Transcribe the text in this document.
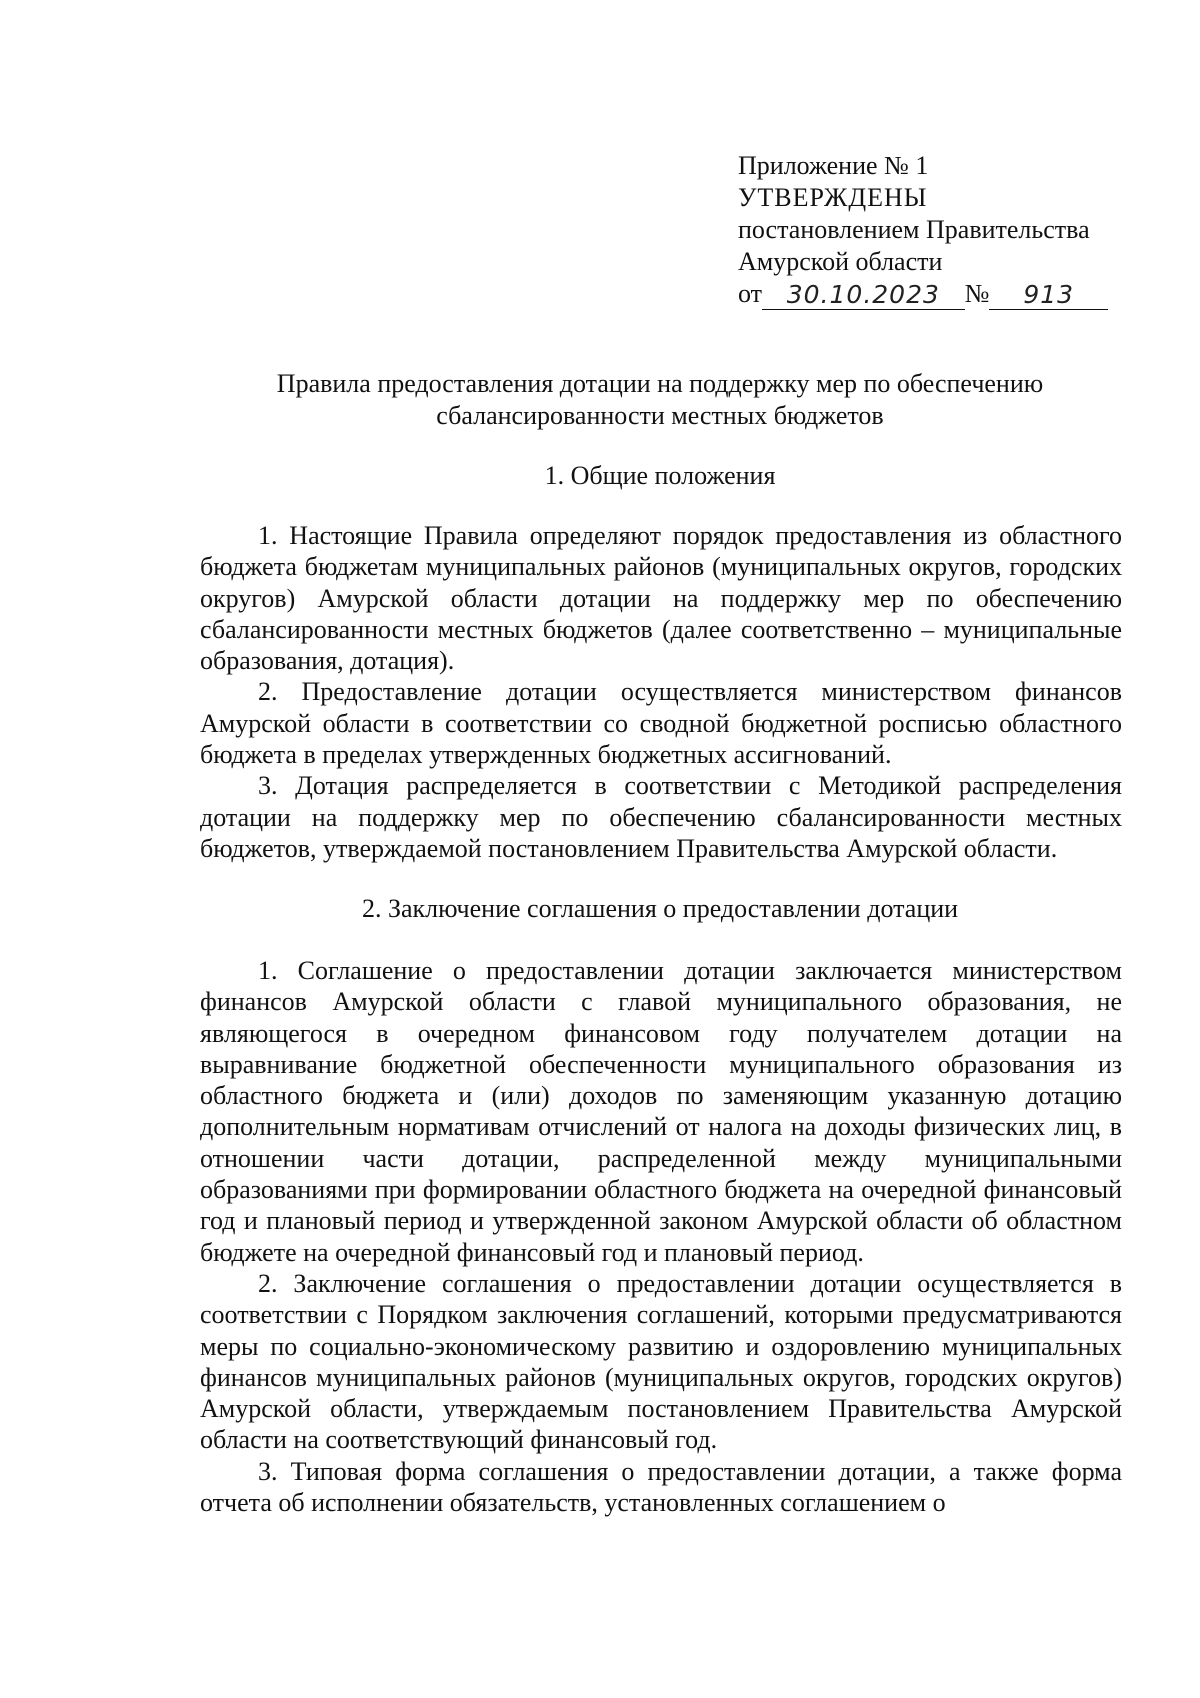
Приложение № 1
УТВЕРЖДЕНЫ
постановлением Правительства
Амурской области
от 30.10.2023 №	913
Правила предоставления дотации на поддержку мер по обеспечению
сбалансированности местных бюджетов
1. Общие положения

1. Настоящие Правила определяют порядок предоставления из областного бюджета бюджетам муниципальных районов (муниципальных округов, городских округов) Амурской области дотации на поддержку мер по обеспечению сбалансированности местных бюджетов (далее соответственно – муниципальные образования, дотация).

2. Предоставление дотации осуществляется министерством финансов Амурской области в соответствии со сводной бюджетной росписью областного бюджета в пределах утвержденных бюджетных ассигнований.

3. Дотация распределяется в соответствии с Методикой распределения дотации на поддержку мер по обеспечению сбалансированности местных бюджетов, утверждаемой постановлением Правительства Амурской области.

2. Заключение соглашения о предоставлении дотации

1. Соглашение о предоставлении дотации заключается министерством финансов Амурской области с главой муниципального образования, не являющегося в очередном финансовом году получателем дотации на выравнивание бюджетной обеспеченности муниципального образования из областного бюджета и (или) доходов по заменяющим указанную дотацию дополнительным нормативам отчислений от налога на доходы физических лиц, в отношении части дотации, распределенной между муниципальными образованиями при формировании областного бюджета на очередной финансовый год и плановый период и утвержденной законом Амурской области об областном бюджете на очередной финансовый год и плановый период.

2. Заключение соглашения о предоставлении дотации осуществляется в соответствии с Порядком заключения соглашений, которыми предусматриваются меры по социально-экономическому развитию и оздоровлению муниципальных финансов муниципальных районов (муниципальных округов, городских округов) Амурской области, утверждаемым постановлением Правительства Амурской области на соответствующий финансовый год.

3. Типовая форма соглашения о предоставлении дотации, а также форма отчета об исполнении обязательств, установленных соглашением о
